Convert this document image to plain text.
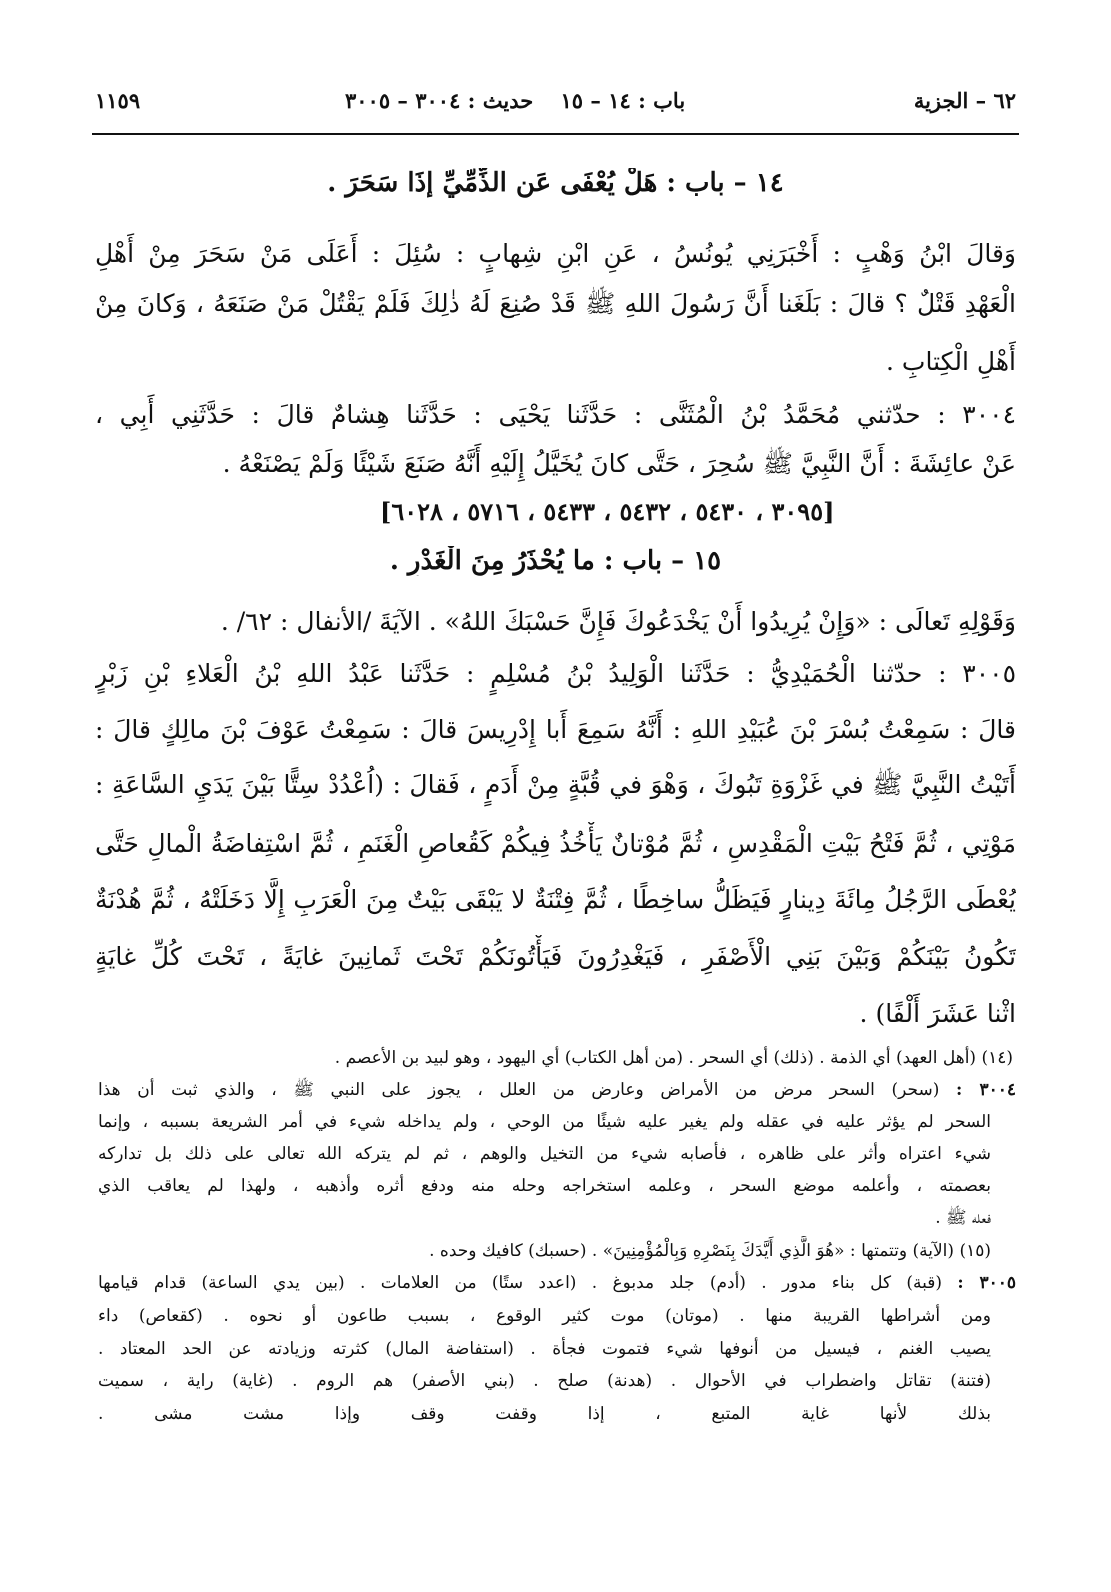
١١٥٩	باب : ١٤ – ١٥ حديث : ٣٠٠٤ – ٣٠٠٥	٦٢ – الجزية
١٤ – باب : هَلْ يُعْفَى عَنِ الذِّمِّيِّ إِذَا سَحَرَ .
وَقالَ ابْنُ وَهْبٍ : أَخْبَرَنِي يُونُسُ ، عَنِ ابْنِ شِهابٍ : سُئِلَ : أَعَلَى مَنْ سَحَرَ مِنْ أَهْلِ
الْعَهْدِ قَتْلٌ ؟ قالَ : بَلَغَنا أَنَّ رَسُولَ اللهِ ﷺ قَدْ صُنِعَ لَهُ ذٰلِكَ فَلَمْ يَقْتُلْ مَنْ صَنَعَهُ ، وَكانَ مِنْ
أَهْلِ الْكِتابِ .
٣٠٠٤ : حدّثني مُحَمَّدُ بْنُ الْمُثَنَّى : حَدَّثَنا يَحْيَى : حَدَّثَنا هِشامٌ قالَ : حَدَّثَنِي أَبِي ،
عَنْ عائِشَةَ : أَنَّ النَّبِيَّ ﷺ سُحِرَ ، حَتَّى كانَ يُخَيَّلُ إِلَيْهِ أَنَّهُ صَنَعَ شَيْئًا وَلَمْ يَصْنَعْهُ .
[٣٠٩٥ ، ٥٤٣٠ ، ٥٤٣٢ ، ٥٤٣٣ ، ٥٧١٦ ، ٦٠٢٨]
١٥ – باب : ما يُحْذَرُ مِنَ الْغَدْرِ .
وَقَوْلِهِ تَعالَى : «وَإِنْ يُرِيدُوا أَنْ يَخْدَعُوكَ فَإِنَّ حَسْبَكَ اللهُ» . الآيَةَ /الأنفال : ٦٢/ .
٣٠٠٥ : حدّثنا الْحُمَيْدِيُّ : حَدَّثَنا الْوَلِيدُ بْنُ مُسْلِمٍ : حَدَّثَنا عَبْدُ اللهِ بْنُ الْعَلاءِ بْنِ زَبْرٍ
قالَ : سَمِعْتُ بُسْرَ بْنَ عُبَيْدِ اللهِ : أَنَّهُ سَمِعَ أَبا إِدْرِيسَ قالَ : سَمِعْتُ عَوْفَ بْنَ مالِكٍ قالَ :
أَتَيْتُ النَّبِيَّ ﷺ في غَزْوَةِ تَبُوكَ ، وَهْوَ في قُبَّةٍ مِنْ أَدَمٍ ، فَقالَ : (اُعْدُدْ سِتًّا بَيْنَ يَدَيِ السَّاعَةِ :
مَوْتِي ، ثُمَّ فَتْحُ بَيْتِ الْمَقْدِسِ ، ثُمَّ مُوْتانٌ يَأْخُذُ فِيكُمْ كَقُعاصِ الْغَنَمِ ، ثُمَّ اسْتِفاضَةُ الْمالِ حَتَّى
يُعْطَى الرَّجُلُ مِائَةَ دِينارٍ فَيَظَلُّ ساخِطًا ، ثُمَّ فِتْنَةٌ لا يَبْقَى بَيْتٌ مِنَ الْعَرَبِ إِلَّا دَخَلَتْهُ ، ثُمَّ هُدْنَةٌ
تَكُونُ بَيْنَكُمْ وَبَيْنَ بَنِي الْأَصْفَرِ ، فَيَغْدِرُونَ فَيَأْتُونَكُمْ تَحْتَ ثَمانِينَ غايَةً ، تَحْتَ كُلِّ غايَةٍ
اثْنا عَشَرَ أَلْفًا) .
(١٤) (أهل العهد) أي الذمة . (ذلك) أي السحر . (من أهل الكتاب) أي اليهود ، وهو لبيد بن الأعصم .
٣٠٠٤ : (سحر) السحر مرض من الأمراض وعارض من العلل ، يجوز على النبي ﷺ ، والذي ثبت أن هذا
السحر لم يؤثر عليه في عقله ولم يغير عليه شيئًا من الوحي ، ولم يداخله شيء في أمر الشريعة بسببه ، وإنما
شيء اعتراه وأثر على ظاهره ، فأصابه شيء من التخيل والوهم ، ثم لم يتركه الله تعالى على ذلك بل تداركه
بعصمته ، وأعلمه موضع السحر ، وعلمه استخراجه وحله منه ودفع أثره وأذهبه ، ولهذا لم يعاقب الذي
فعله ﷺ .
(١٥) (الآية) وتتمتها : «هُوَ الَّذِي أَيَّدَكَ بِنَصْرِهِ وَبِالْمُؤْمِنِينَ» . (حسبك) كافيك وحده .
٣٠٠٥ : (قبة) كل بناء مدور . (أدم) جلد مدبوغ . (اعدد ستًا) من العلامات . (بين يدي الساعة) قدام قيامها
ومن أشراطها القريبة منها . (موتان) موت كثير الوقوع ، بسبب طاعون أو نحوه . (كقعاص) داء
يصيب الغنم ، فيسيل من أنوفها شيء فتموت فجأة . (استفاضة المال) كثرته وزيادته عن الحد المعتاد .
(فتنة) تقاتل واضطراب في الأحوال . (هدنة) صلح . (بني الأصفر) هم الروم . (غاية) راية ، سميت
بذلك لأنها غاية المتبع ، إذا وقفت وقف وإذا مشت مشى .
